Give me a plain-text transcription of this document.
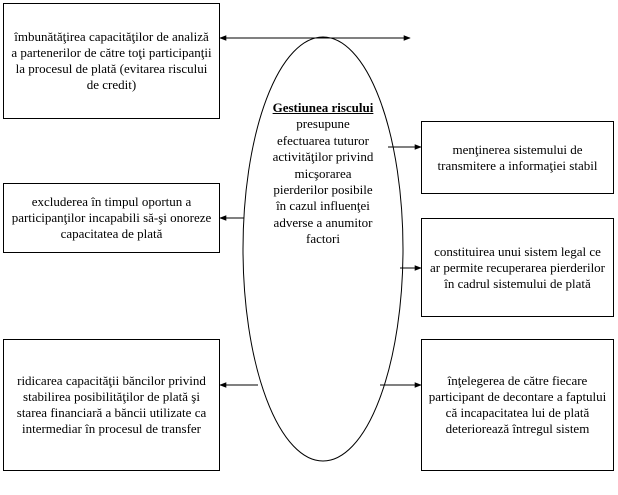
îmbunătăţirea capacităţilor de analiză a partenerilor de către toţi participanţii la procesul de plată (evitarea riscului de credit)
excluderea în timpul oportun a participanţilor incapabili să-şi onoreze capacitatea de plată
ridicarea capacităţii băncilor privind stabilirea posibilităţilor de plată şi starea financiară a băncii utilizate ca intermediar în procesul de transfer
menţinerea sistemului de transmitere a informaţiei stabil
constituirea unui sistem legal ce ar permite recuperarea pierderilor în cadrul sistemului de plată
înţelegerea de către fiecare participant de decontare a faptului că incapacitatea lui de plată deteriorează întregul sistem
Gestiunea riscului
presupune efectuarea tuturor activităţilor privind micşorarea pierderilor posibile în cazul influenţei adverse a anumitor factori
